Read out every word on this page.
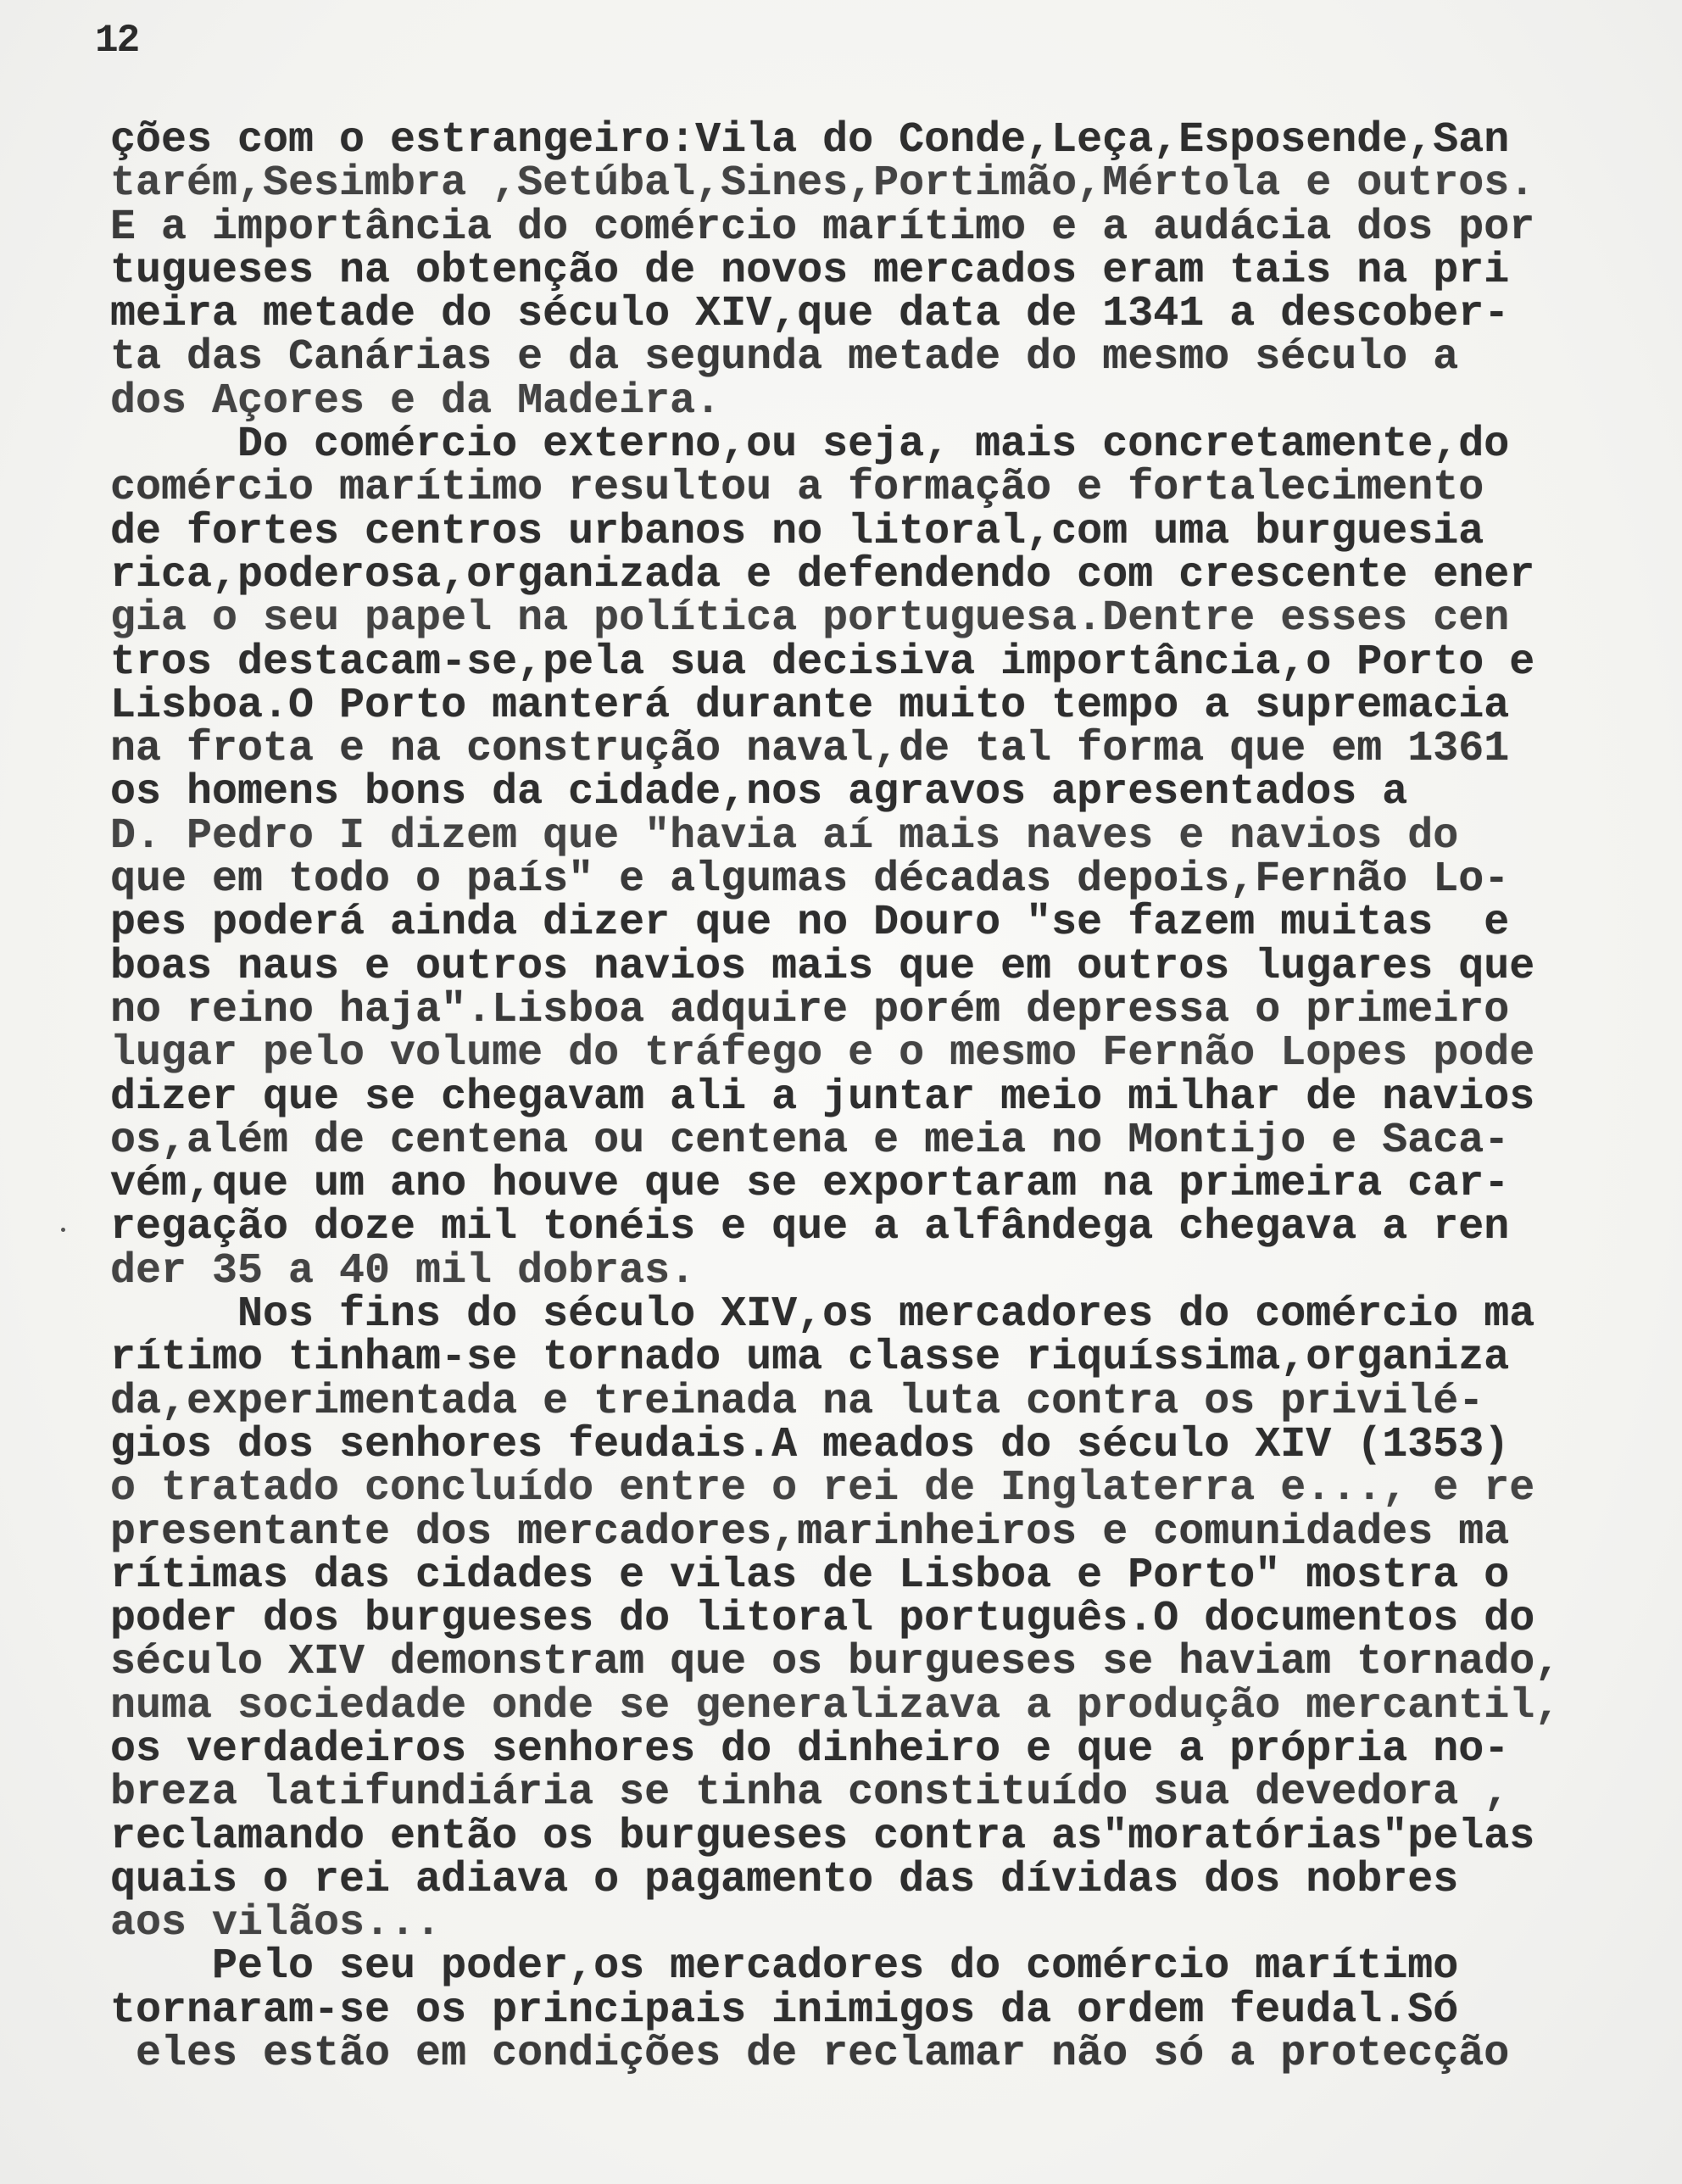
12
ções com o estrangeiro:Vila do Conde,Leça,Esposende,San
tarém,Sesimbra ,Setúbal,Sines,Portimão,Mértola e outros.
E a importância do comércio marítimo e a audácia dos por
tugueses na obtenção de novos mercados eram tais na pri
meira metade do século XIV,que data de 1341 a descober-
ta das Canárias e da segunda metade do mesmo século a
dos Açores e da Madeira.
Do comércio externo,ou seja, mais concretamente,do
comércio marítimo resultou a formação e fortalecimento
de fortes centros urbanos no litoral,com uma burguesia
rica,poderosa,organizada e defendendo com crescente ener
gia o seu papel na política portuguesa.Dentre esses cen
tros destacam-se,pela sua decisiva importância,o Porto e
Lisboa.O Porto manterá durante muito tempo a supremacia
na frota e na construção naval,de tal forma que em 1361
os homens bons da cidade,nos agravos apresentados a
D. Pedro I dizem que "havia aí mais naves e navios do
que em todo o país" e algumas décadas depois,Fernão Lo-
pes poderá ainda dizer que no Douro "se fazem muitas  e
boas naus e outros navios mais que em outros lugares que
no reino haja".Lisboa adquire porém depressa o primeiro
lugar pelo volume do tráfego e o mesmo Fernão Lopes pode
dizer que se chegavam ali a juntar meio milhar de navios
os,além de centena ou centena e meia no Montijo e Saca-
vém,que um ano houve que se exportaram na primeira car-
regação doze mil tonéis e que a alfândega chegava a ren
der 35 a 40 mil dobras.
Nos fins do século XIV,os mercadores do comércio ma
rítimo tinham-se tornado uma classe riquíssima,organiza
da,experimentada e treinada na luta contra os privilé-
gios dos senhores feudais.A meados do século XIV (1353)
o tratado concluído entre o rei de Inglaterra e..., e re
presentante dos mercadores,marinheiros e comunidades ma
rítimas das cidades e vilas de Lisboa e Porto" mostra o
poder dos burgueses do litoral português.O documentos do
século XIV demonstram que os burgueses se haviam tornado,
numa sociedade onde se generalizava a produção mercantil,
os verdadeiros senhores do dinheiro e que a própria no-
breza latifundiária se tinha constituído sua devedora ,
reclamando então os burgueses contra as"moratórias"pelas
quais o rei adiava o pagamento das dívidas dos nobres
aos vilãos...
Pelo seu poder,os mercadores do comércio marítimo
tornaram-se os principais inimigos da ordem feudal.Só
eles estão em condições de reclamar não só a protecção
